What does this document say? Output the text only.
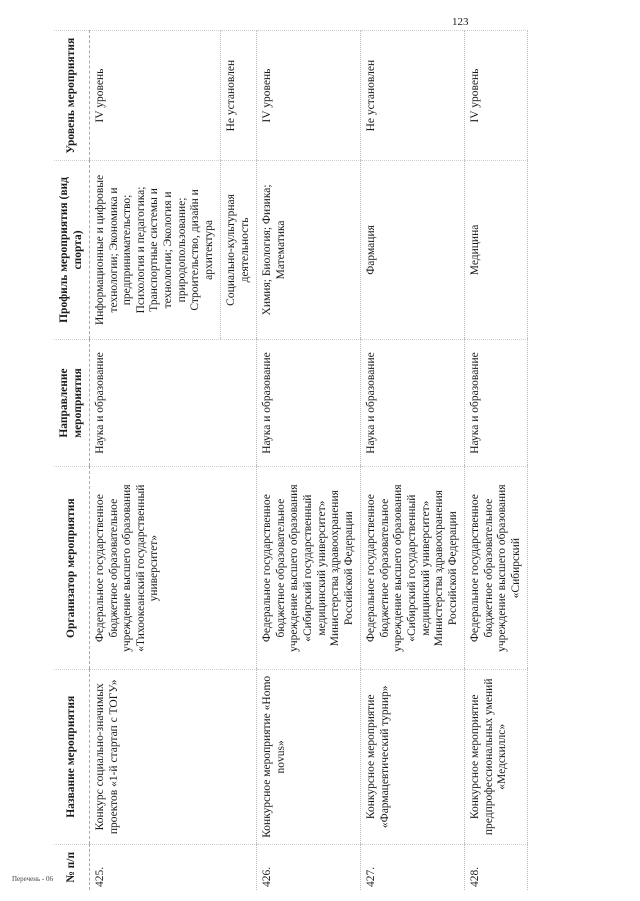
123
№ п/п	Название мероприятия	Организатор мероприятия	Направление мероприятия	Профиль мероприятия (вид спорта)	Уровень мероприятия
425.	Конкурс социально-значимых проектов «1-й стартап с ТОГУ»	Федеральное государственное бюджетное образовательное учреждение высшего образования «Тихоокеанский государственный университет»	Наука и образование	Информационные и цифровые технологии; Экономика и предпринимательство; Психология и педагогика; Транспортные системы и технологии; Экология и природопользование; Строительство, дизайн и архитектура	IV уровень
				Социально-культурная деятельность	Не установлен
426.	Конкурсное мероприятие «Homo novus»	Федеральное государственное бюджетное образовательное учреждение высшего образования «Сибирский государственный медицинский университет» Министерства здравоохранения Российской Федерации	Наука и образование	Химия; Биология; Физика; Математика	IV уровень
427.	Конкурсное мероприятие «Фармацевтический турнир»	Федеральное государственное бюджетное образовательное учреждение высшего образования «Сибирский государственный медицинский университет» Министерства здравоохранения Российской Федерации	Наука и образование	Фармация	Не установлен
428.	Конкурсное мероприятие предпрофессиональных умений «Медскиллс»	Федеральное государственное бюджетное образовательное учреждение высшего образования «Сибирский	Наука и образование	Медицина	IV уровень
Перечень - 06
